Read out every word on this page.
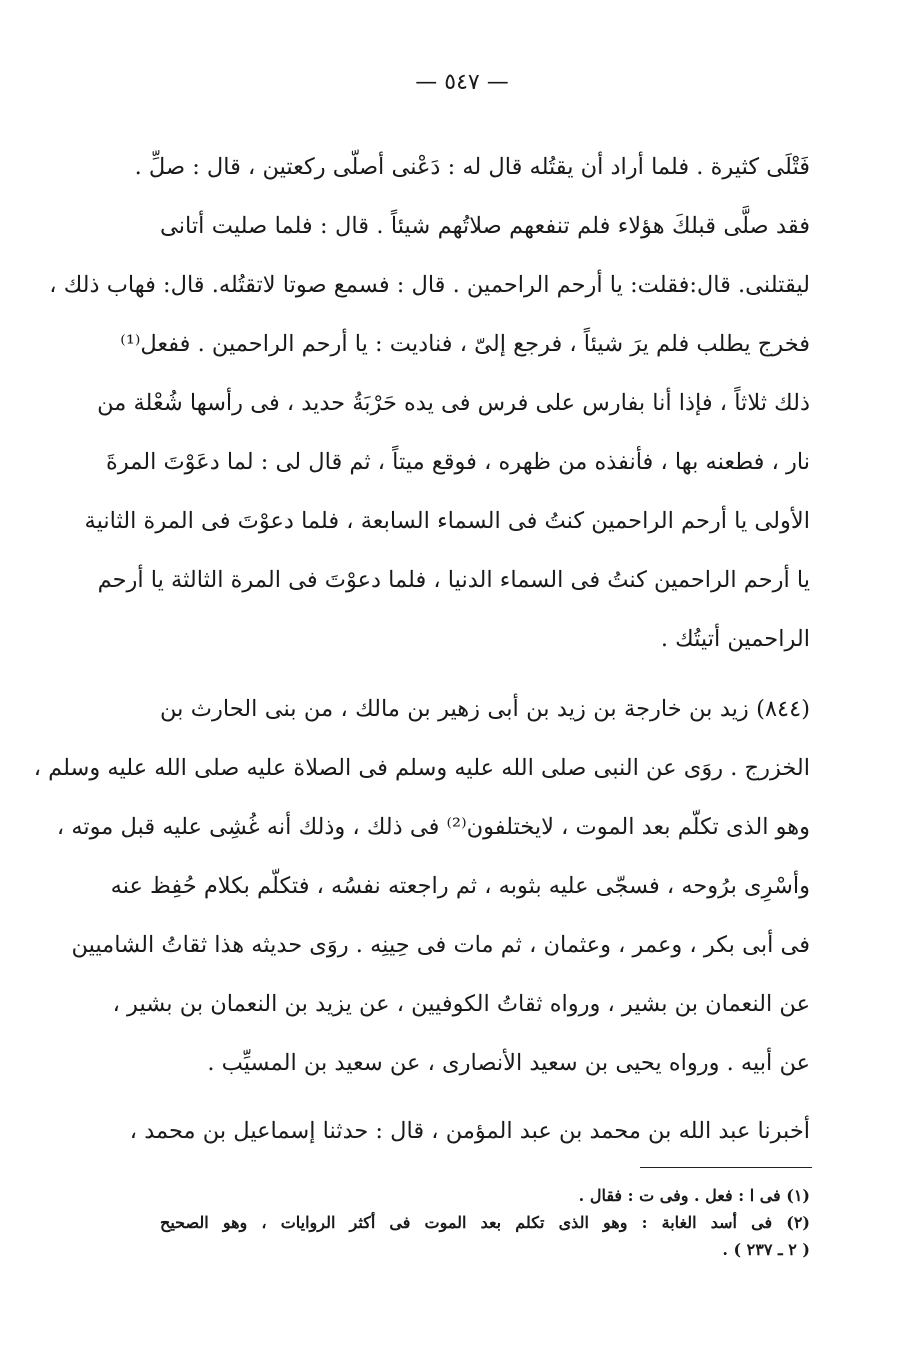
— ٥٤٧ —
فَتْلَى كثيرة . فلما أراد أن يقتُله قال له : دَعْنى أصلّى ركعتين ، قال : صلِّ .
فقد صلَّى قبلكَ هؤلاء فلم تنفعهم صلاتُهم شيئاً . قال : فلما صليت أتانى
ليقتلنى. قال:فقلت: يا أرحم الراحمين . قال : فسمع صوتا لاتقتُله. قال: فهاب ذلك ،
فخرج يطلب فلم يرَ شيئاً ، فرجع إلىّ ، فناديت : يا أرحم الراحمين . ففعل⁽¹⁾
ذلك ثلاثاً ، فإذا أنا بفارس على فرس فى يده حَرْبَةُ حديد ، فى رأسها شُعْلة من
نار ، فطعنه بها ، فأنفذه من ظهره ، فوقع ميتاً ، ثم قال لى : لما دعَوْتَ المرةَ
الأولى يا أرحم الراحمين كنتُ فى السماء السابعة ، فلما دعوْتَ فى المرة الثانية
يا أرحم الراحمين كنتُ فى السماء الدنيا ، فلما دعوْتَ فى المرة الثالثة يا أرحم
الراحمين أتيتُك .
(٨٤٤) زيد بن خارجة بن زيد بن أبى زهير بن مالك ، من بنى الحارث بن
الخزرج . روَى عن النبى صلى الله عليه وسلم فى الصلاة عليه صلى الله عليه وسلم ،
وهو الذى تكلّم بعد الموت ، لايختلفون⁽²⁾ فى ذلك ، وذلك أنه غُشِى عليه قبل موته ،
وأسْرِى برُوحه ، فسجّى عليه بثوبه ، ثم راجعته نفسُه ، فتكلّم بكلام حُفِظ عنه
فى أبى بكر ، وعمر ، وعثمان ، ثم مات فى حِينِه . روَى حديثه هذا ثقاتُ الشاميين
عن النعمان بن بشير ، ورواه ثقاتُ الكوفيين ، عن يزيد بن النعمان بن بشير ،
عن أبيه . ورواه يحيى بن سعيد الأنصارى ، عن سعيد بن المسيِّب .
أخبرنا عبد الله بن محمد بن عبد المؤمن ، قال : حدثنا إسماعيل بن محمد ،
(١) فى ا : فعل . وفى ت : فقال .
(٢) فى أسد الغابة : وهو الذى تكلم بعد الموت فى أكثر الروايات ، وهو الصحيح
( ٢ ـ ٢٣٧ ) .
